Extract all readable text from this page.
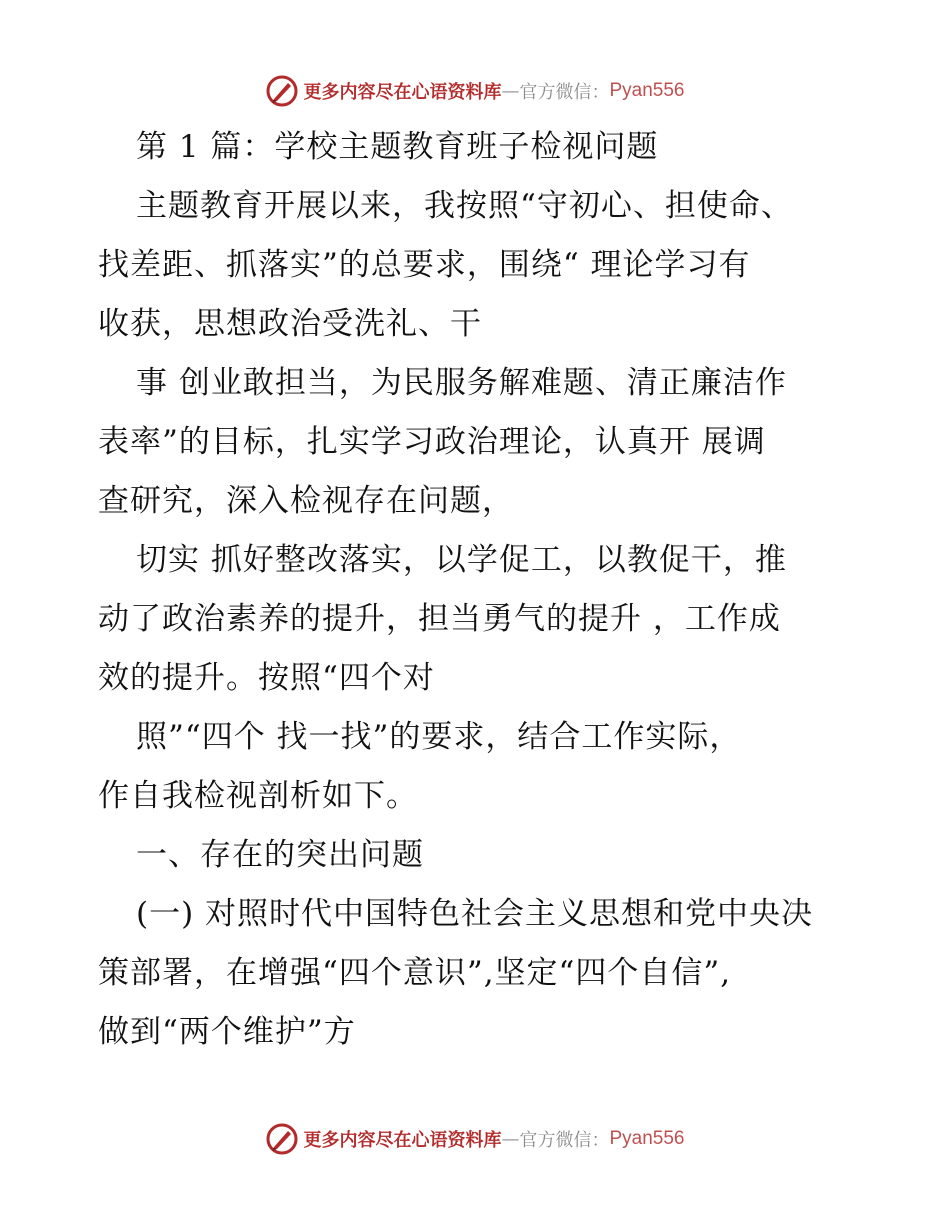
更多内容尽在心语资料库 — 官方微信： Pyan556
第 1 篇：学校主题教育班子检视问题
主题教育开展以来，我按照“守初心、担使命、
找差距、抓落实”的总要求，围绕“ 理论学习有
收获，思想政治受洗礼、干
事 创业敢担当，为民服务解难题、清正廉洁作
表率”的目标，扎实学习政治理论，认真开 展调
查研究，深入检视存在问题，
切实 抓好整改落实，以学促工，以教促干，推
动了政治素养的提升，担当勇气的提升 ，工作成
效的提升。按照“四个对
照”“四个 找一找”的要求，结合工作实际，
作自我检视剖析如下。
一、存在的突出问题
(一) 对照时代中国特色社会主义思想和党中央决
策部署，在增强“四个意识”,坚定“四个自信”,
做到“两个维护”方
更多内容尽在心语资料库 — 官方微信： Pyan556
